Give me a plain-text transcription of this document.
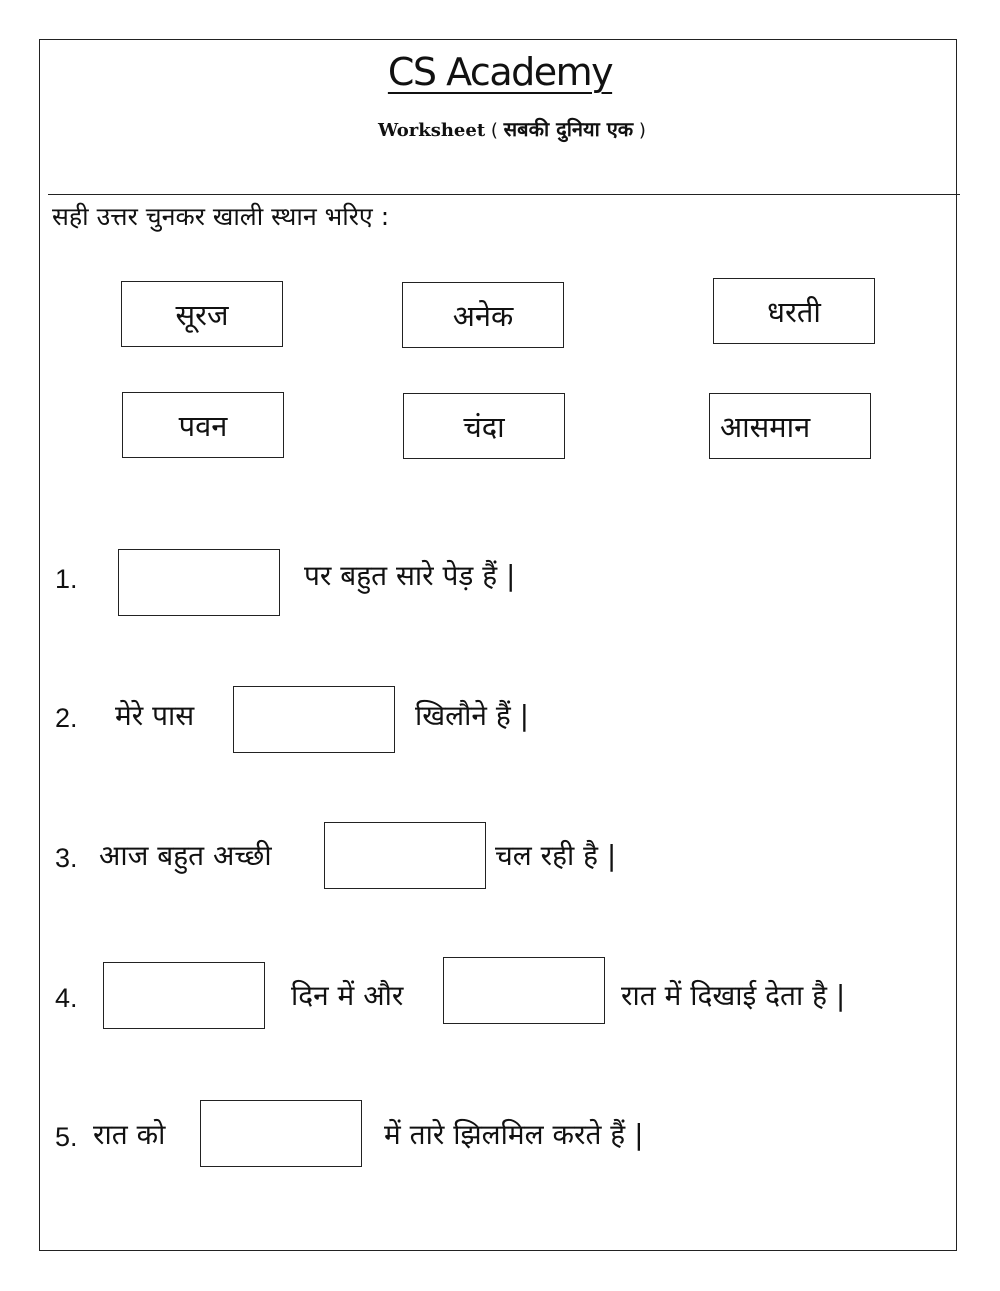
CS Academy
Worksheet ( सबकी दुनिया एक )
सही उत्तर चुनकर खाली स्थान भरिए :
सूरज	अनेक	धरती
पवन	चंदा	आसमान
1.	पर बहुत सारे पेड़ हैं |
2. मेरे पास	खिलौने हैं |
3. आज बहुत अच्छी	चल रही है |
4.	दिन में और	रात में दिखाई देता है |
5. रात को	में तारे झिलमिल करते हैं |
